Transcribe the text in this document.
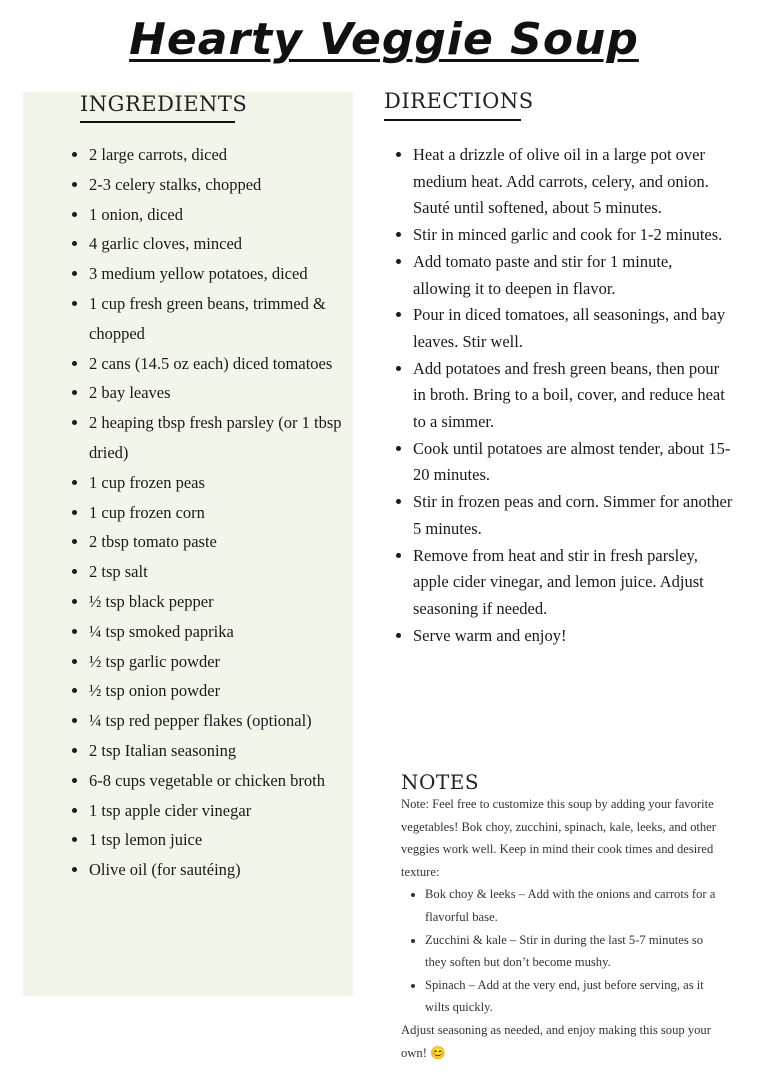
Hearty Veggie Soup
INGREDIENTS	DIRECTIONS
• 2 large carrots, diced
• 2-3 celery stalks, chopped
• 1 onion, diced
• 4 garlic cloves, minced
• 3 medium yellow potatoes, diced
• 1 cup fresh green beans, trimmed & chopped
• 2 cans (14.5 oz each) diced tomatoes
• 2 bay leaves
• 2 heaping tbsp fresh parsley (or 1 tbsp dried)
• 1 cup frozen peas
• 1 cup frozen corn
• 2 tbsp tomato paste
• 2 tsp salt
• ½ tsp black pepper
• ¼ tsp smoked paprika
• ½ tsp garlic powder
• ½ tsp onion powder
• ¼ tsp red pepper flakes (optional)
• 2 tsp Italian seasoning
• 6-8 cups vegetable or chicken broth
• 1 tsp apple cider vinegar
• 1 tsp lemon juice
• Olive oil (for sautéing)
• Heat a drizzle of olive oil in a large pot over medium heat. Add carrots, celery, and onion. Sauté until softened, about 5 minutes.
• Stir in minced garlic and cook for 1-2 minutes.
• Add tomato paste and stir for 1 minute, allowing it to deepen in flavor.
• Pour in diced tomatoes, all seasonings, and bay leaves. Stir well.
• Add potatoes and fresh green beans, then pour in broth. Bring to a boil, cover, and reduce heat to a simmer.
• Cook until potatoes are almost tender, about 15-20 minutes.
• Stir in frozen peas and corn. Simmer for another 5 minutes.
• Remove from heat and stir in fresh parsley, apple cider vinegar, and lemon juice. Adjust seasoning if needed.
• Serve warm and enjoy!
NOTES

Note: Feel free to customize this soup by adding your favorite vegetables! Bok choy, zucchini, spinach, kale, leeks, and other veggies work well. Keep in mind their cook times and desired texture:

• Bok choy & leeks – Add with the onions and carrots for a flavorful base.
• Zucchini & kale – Stir in during the last 5-7 minutes so they soften but don’t become mushy.
• Spinach – Add at the very end, just before serving, as it wilts quickly.

Adjust seasoning as needed, and enjoy making this soup your own! 😊
